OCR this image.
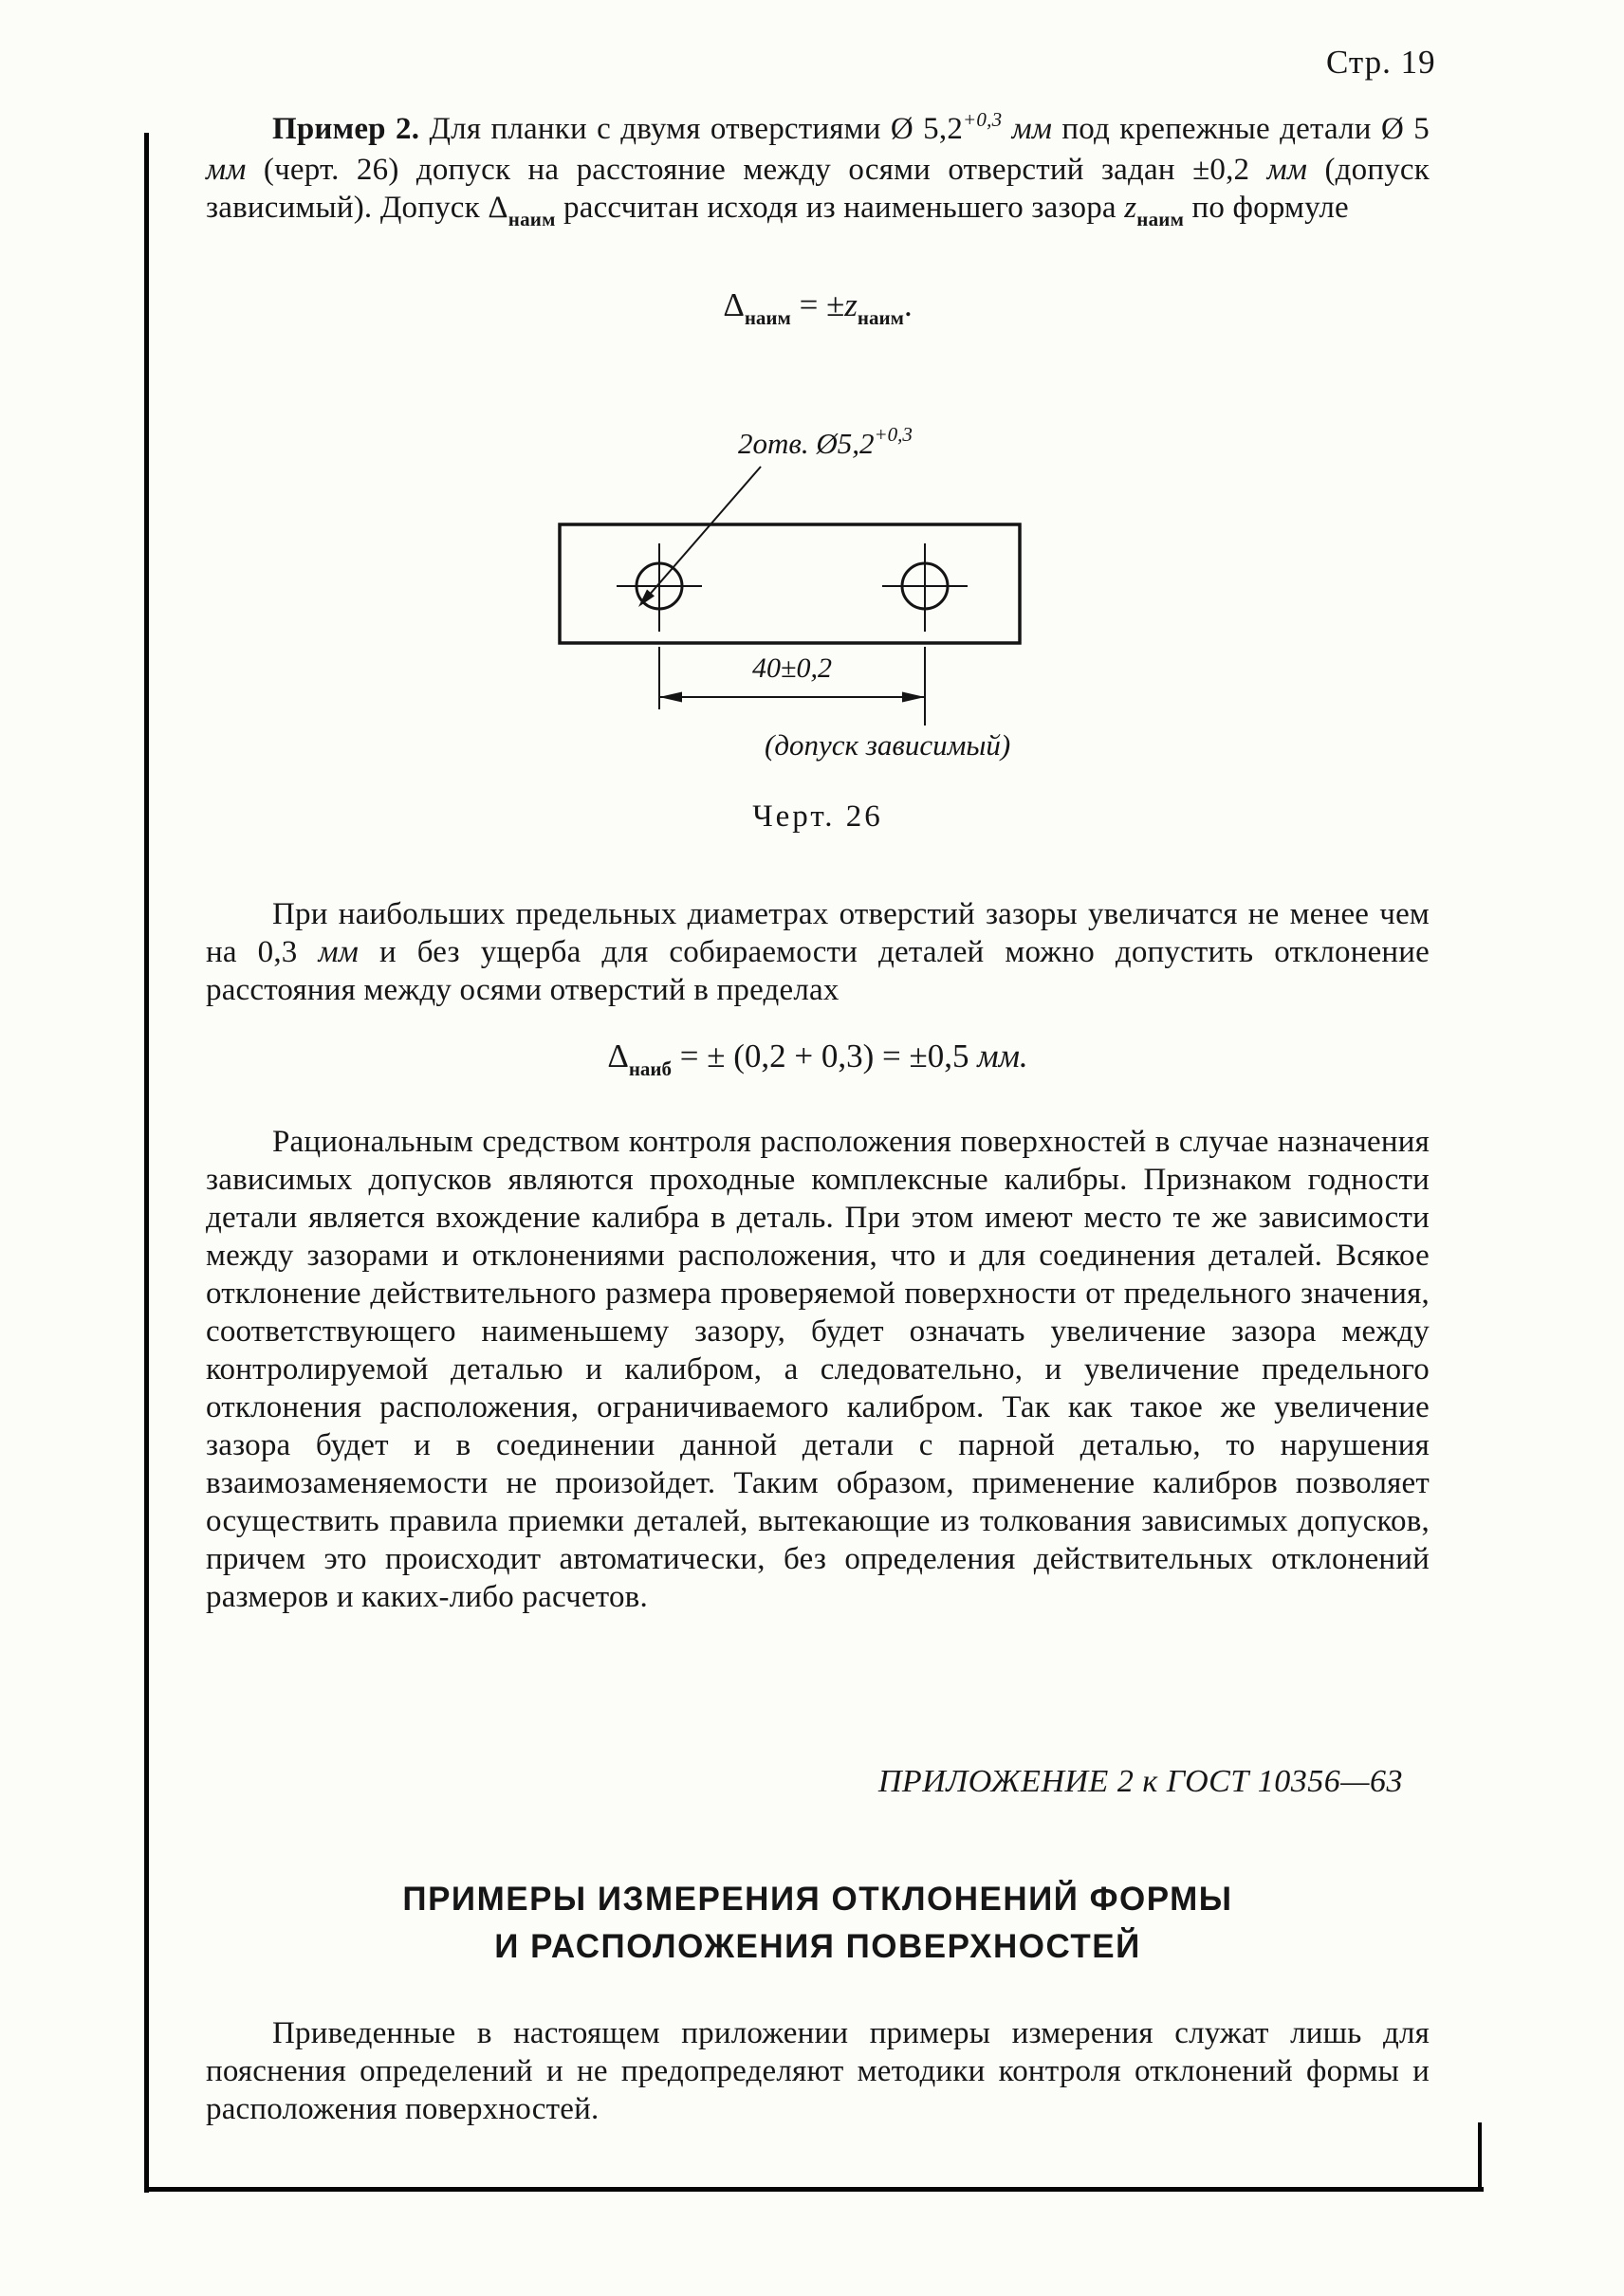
Стр. 19

Пример 2. Для планки с двумя отверстиями Ø $5,2^{+0,3}$ мм под крепежные детали Ø 5 мм (черт. 26) допуск на расстояние между осями отверстий задан ±0,2 мм (допуск зависимый). Допуск $\Delta_{наим}$ рассчитан исходя из наименьшего зазора $z_{наим}$ по формуле

$\Delta_{наим} = \pm z_{наим}$.
Черт. 26

При наибольших предельных диаметрах отверстий зазоры увеличатся не менее чем на 0,3 мм и без ущерба для собираемости деталей можно допустить отклонение расстояния между осями отверстий в пределах

$\Delta_{наиб}$ = ± (0,2 + 0,3) = ±0,5 мм.

Рациональным средством контроля расположения поверхностей в случае назначения зависимых допусков являются проходные комплексные калибры. Признаком годности детали является вхождение калибра в деталь. При этом имеют место те же зависимости между зазорами и отклонениями расположения, что и для соединения деталей. Всякое отклонение действительного размера проверяемой поверхности от предельного значения, соответствующего наименьшему зазору, будет означать увеличение зазора между контролируемой деталью и калибром, а следовательно, и увеличение предельного отклонения расположения, ограничиваемого калибром. Так как такое же увеличение зазора будет и в соединении данной детали с парной деталью, то нарушения взаимозаменяемости не произойдет. Таким образом, применение калибров позволяет осуществить правила приемки деталей, вытекающие из толкования зависимых допусков, причем это происходит автоматически, без определения действительных отклонений размеров и каких-либо расчетов.

ПРИЛОЖЕНИЕ 2 к ГОСТ 10356—63
ПРИМЕРЫ ИЗМЕРЕНИЯ ОТКЛОНЕНИЙ ФОРМЫ
И РАСПОЛОЖЕНИЯ ПОВЕРХНОСТЕЙ

Приведенные в настоящем приложении примеры измерения служат лишь для пояснения определений и не предопределяют методики контроля отклонений формы и расположения поверхностей.

2отв. $Ø5,2^{+0,3}$
40±0,2
(допуск зависимый)
